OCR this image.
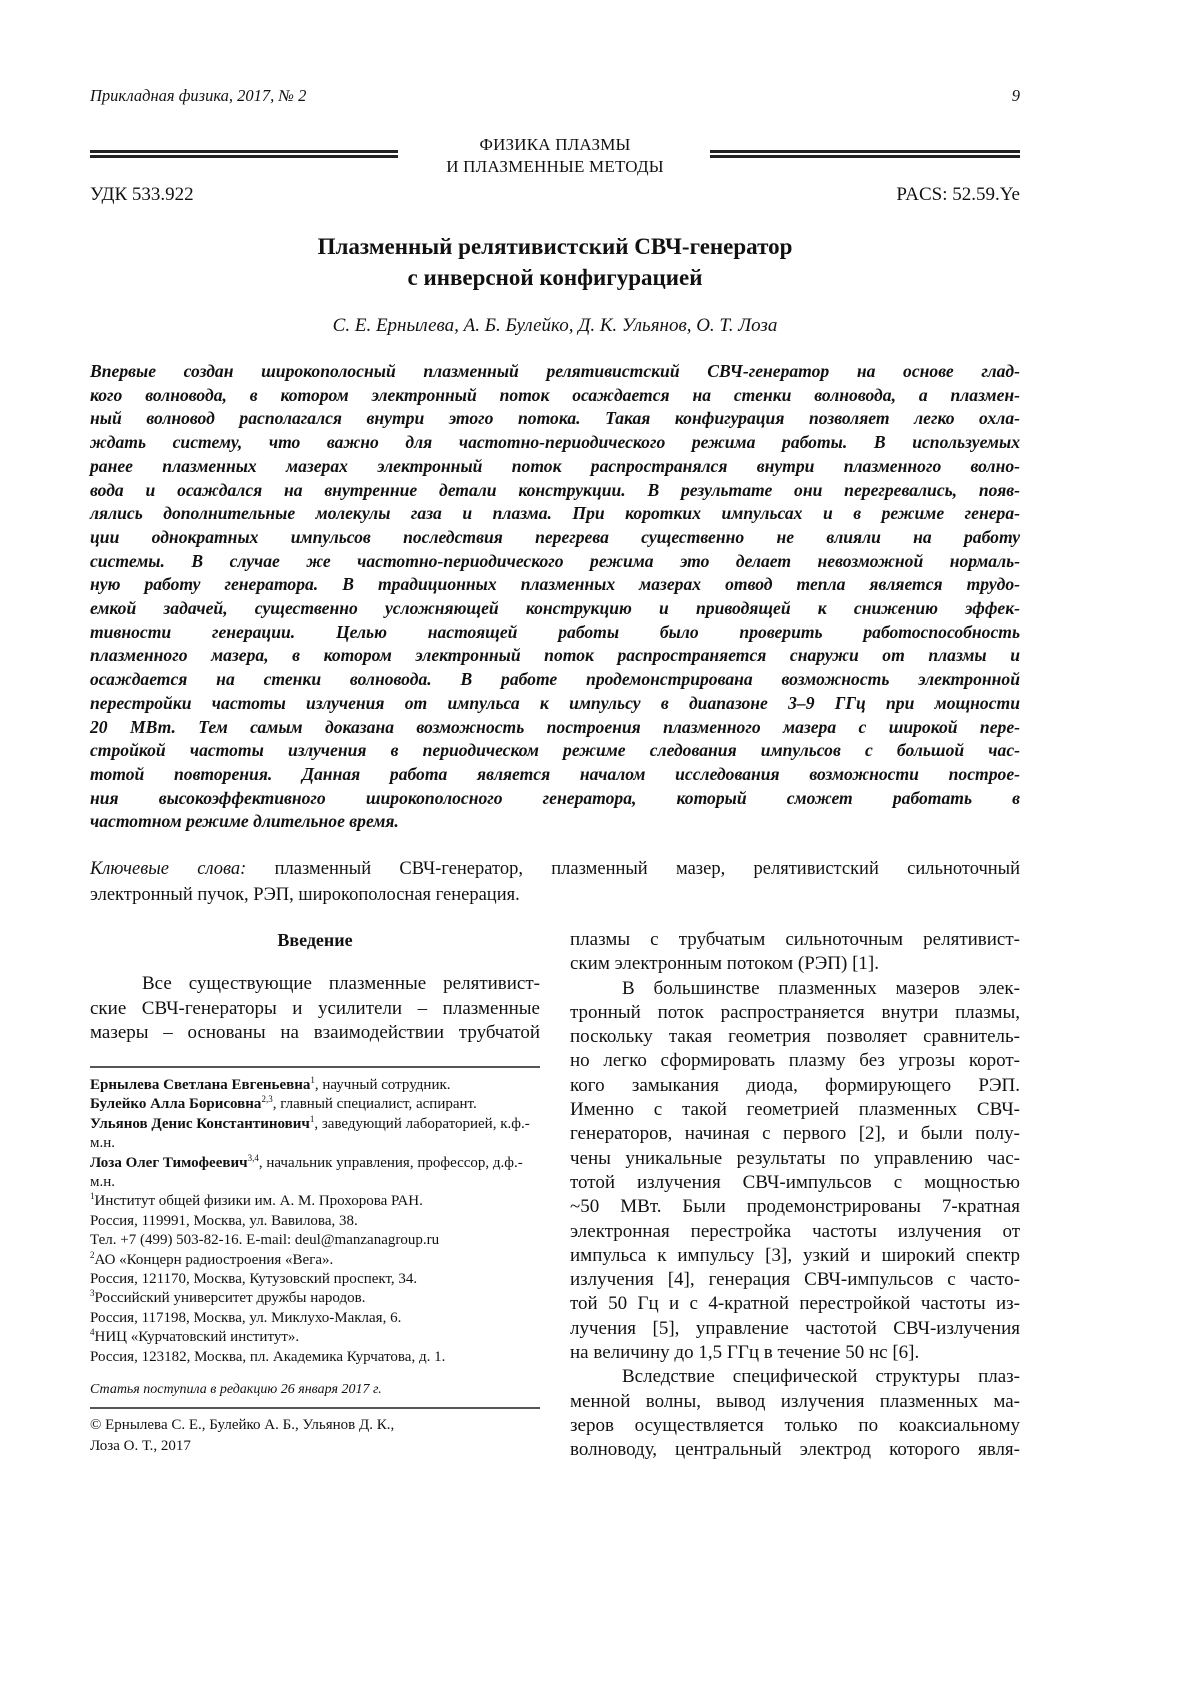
Прикладная физика, 2017, № 2	9
ФИЗИКА ПЛАЗМЫ
И ПЛАЗМЕННЫЕ МЕТОДЫ
УДК 533.922	PACS: 52.59.Ye
Плазменный релятивистский СВЧ-генератор
с инверсной конфигурацией
С. Е. Ернылева, А. Б. Булейко, Д. К. Ульянов, О. Т. Лоза
Впервые создан широкополосный плазменный релятивистский СВЧ-генератор на основе глад-
кого волновода, в котором электронный поток осаждается на стенки волновода, а плазмен-
ный волновод располагался внутри этого потока. Такая конфигурация позволяет легко охла-
ждать систему, что важно для частотно-периодического режима работы. В используемых
ранее плазменных мазерах электронный поток распространялся внутри плазменного волно-
вода и осаждался на внутренние детали конструкции. В результате они перегревались, появ-
лялись дополнительные молекулы газа и плазма. При коротких импульсах и в режиме генера-
ции однократных импульсов последствия перегрева существенно не влияли на работу
системы. В случае же частотно-периодического режима это делает невозможной нормаль-
ную работу генератора. В традиционных плазменных мазерах отвод тепла является трудо-
емкой задачей, существенно усложняющей конструкцию и приводящей к снижению эффек-
тивности генерации. Целью настоящей работы было проверить работоспособность
плазменного мазера, в котором электронный поток распространяется снаружи от плазмы и
осаждается на стенки волновода. В работе продемонстрирована возможность электронной
перестройки частоты излучения от импульса к импульсу в диапазоне 3–9 ГГц при мощности
20 МВт. Тем самым доказана возможность построения плазменного мазера с широкой пере-
стройкой частоты излучения в периодическом режиме следования импульсов с большой час-
тотой повторения. Данная работа является началом исследования возможности построе-
ния высокоэффективного широкополосного генератора, который сможет работать в
частотном режиме длительное время.
Ключевые слова: плазменный СВЧ-генератор, плазменный мазер, релятивистский сильноточный
электронный пучок, РЭП, широкополосная генерация.
Введение
Все существующие плазменные релятивист-
ские СВЧ-генераторы и усилители – плазменные
мазеры – основаны на взаимодействии трубчатой
Ернылева Светлана Евгеньевна1, научный сотрудник.
Булейко Алла Борисовна2,3, главный специалист, аспирант.
Ульянов Денис Константинович1, заведующий лабораторией, к.ф.-м.н.
Лоза Олег Тимофеевич3,4, начальник управления, профессор, д.ф.-м.н.
1Институт общей физики им. А. М. Прохорова РАН.
Россия, 119991, Москва, ул. Вавилова, 38.
Тел. +7 (499) 503-82-16. E-mail: deul@manzanagroup.ru
2АО «Концерн радиостроения «Вега».
Россия, 121170, Москва, Кутузовский проспект, 34.
3Российский университет дружбы народов.
Россия, 117198, Москва, ул. Миклухо-Маклая, 6.
4НИЦ «Курчатовский институт».
Россия, 123182, Москва, пл. Академика Курчатова, д. 1.
Статья поступила в редакцию 26 января 2017 г.
© Ернылева С. Е., Булейко А. Б., Ульянов Д. К.,
Лоза О. Т., 2017
плазмы с трубчатым сильноточным релятивист-
ским электронным потоком (РЭП) [1].
В большинстве плазменных мазеров элек-
тронный поток распространяется внутри плазмы,
поскольку такая геометрия позволяет сравнитель-
но легко сформировать плазму без угрозы корот-
кого замыкания диода, формирующего РЭП.
Именно с такой геометрией плазменных СВЧ-
генераторов, начиная с первого [2], и были полу-
чены уникальные результаты по управлению час-
тотой излучения СВЧ-импульсов с мощностью
~50 МВт. Были продемонстрированы 7-кратная
электронная перестройка частоты излучения от
импульса к импульсу [3], узкий и широкий спектр
излучения [4], генерация СВЧ-импульсов с часто-
той 50 Гц и с 4-кратной перестройкой частоты из-
лучения [5], управление частотой СВЧ-излучения
на величину до 1,5 ГГц в течение 50 нс [6].
Вследствие специфической структуры плаз-
менной волны, вывод излучения плазменных ма-
зеров осуществляется только по коаксиальному
волноводу, центральный электрод которого явля-
